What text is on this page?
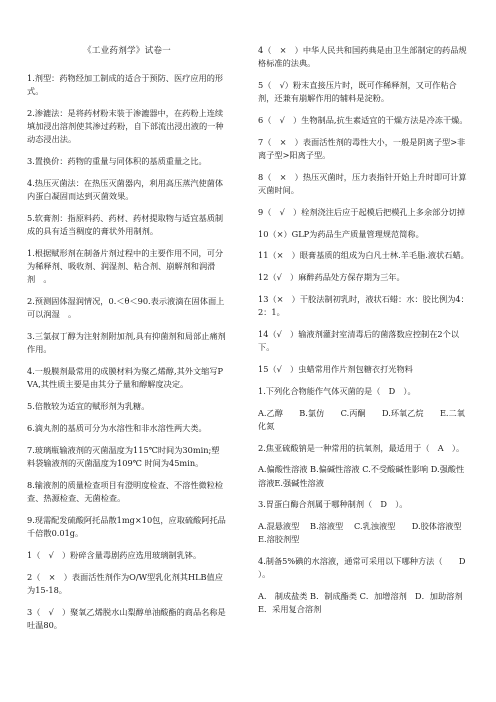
《工业药剂学》试卷一
1.剂型：药物经加工制成的适合于预防、医疗应用的形式。
2.渗漉法：是将药材粉末装于渗漉器中，在药粉上连续填加浸出溶剂使其渗过药粉，自下部流出浸出液的一种动态浸出法。
3.置换价：药物的重量与同体积的基质重量之比。
4.热压灭菌法：在热压灭菌器内，利用高压蒸汽使菌体内蛋白凝固而达到灭菌效果。
5.软膏剂：指原料药、药材、药材提取物与适宜基质制成的具有适当稠度的膏状外用制剂。
1.根据赋形剂在制备片剂过程中的主要作用不同，可分为稀释剂、吸收剂、润湿剂、粘合剂、崩解剂和润滑剂　。
2.预测固体湿润情况，0.＜θ＜90.表示液滴在固体面上可以润湿　。
3.三氯叔丁醇为注射剂附加剂,具有抑菌剂和局部止痛剂作用。
4.一般膜剂最常用的成膜材料为聚乙烯醇,其外文缩写PVA,其性质主要是由其分子量和醇解度决定。
5.倍散较为适宜的赋形剂为乳糖。
6.滴丸剂的基质可分为水溶性和非水溶性两大类。
7.玻璃瓶输液剂的灭菌温度为115℃时间为30min;塑料袋输液剂的灭菌温度为109℃ 时间为45min。
8.输液剂的质量检查项目有澄明度检查、不溶性微粒检查、热源检查、无菌检查。
9.现需配发硫酸阿托品散1mg×10包，应取硫酸阿托品千倍散0.01g。
1（　√　）粉碎含量毒剧药应选用玻璃制乳钵。
2（　×　）表面活性剂作为O/W型乳化剂其HLB值应为15-18。
3（　√　）聚氧乙烯脱水山梨醇单油酸酯的商品名称是吐温80。
4（　×　）中华人民共和国药典是由卫生部制定的药品规格标准的法典。
5（　√）粉末直接压片时，既可作稀释剂，又可作粘合剂，还兼有崩解作用的辅料是淀粉。
6（　√　）生物制品,抗生素适宜的干燥方法是冷冻干燥。
7（　×　）表面活性剂的毒性大小，一般是阴离子型>非离子型>阳离子型。
8（　×　）热压灭菌时，压力表指针开始上升时即可计算灭菌时间。
9（　√　）栓剂浇注后应于起模后把模孔上多余部分切掉
10（×）GLP为药品生产质量管理规范简称。
11（×　）眼膏基质的组成为白凡士林.羊毛脂.液状石蜡。
12（√　）麻醉药品处方保存期为三年。
13（×　）干胶法制初乳时，液状石蜡：水：胶比例为4：2：1。
14（√　）输液剂灌封室清毒后的菌落数应控制在2个以下。
15（√　）虫蜡常用作片剂包糖衣打光物料
1.下列化合物能作气体灭菌的是（　D　）。
A.乙醇　　B.氯仿　　C.丙酮　　D.环氧乙烷　　E.二氧化氮
2.焦亚硫酸钠是一种常用的抗氧剂，最适用于（　A　）。
A.偏酸性溶液 B.偏碱性溶液 C.不受酸碱性影响 D.强酸性溶液E.强碱性溶液
3.胃蛋白酶合剂属于哪种制剂（　D　）。
A.混悬液型　 B.溶液型　 C.乳浊液型　　D.胶体溶液型　 E.溶胶剂型
4.制备5%碘的水溶液，通常可采用以下哪种方法（　　D　　）。
A.　制成盐类 B．制成酯类 C．加增溶剂　D．加助溶剂　　E．采用复合溶剂
